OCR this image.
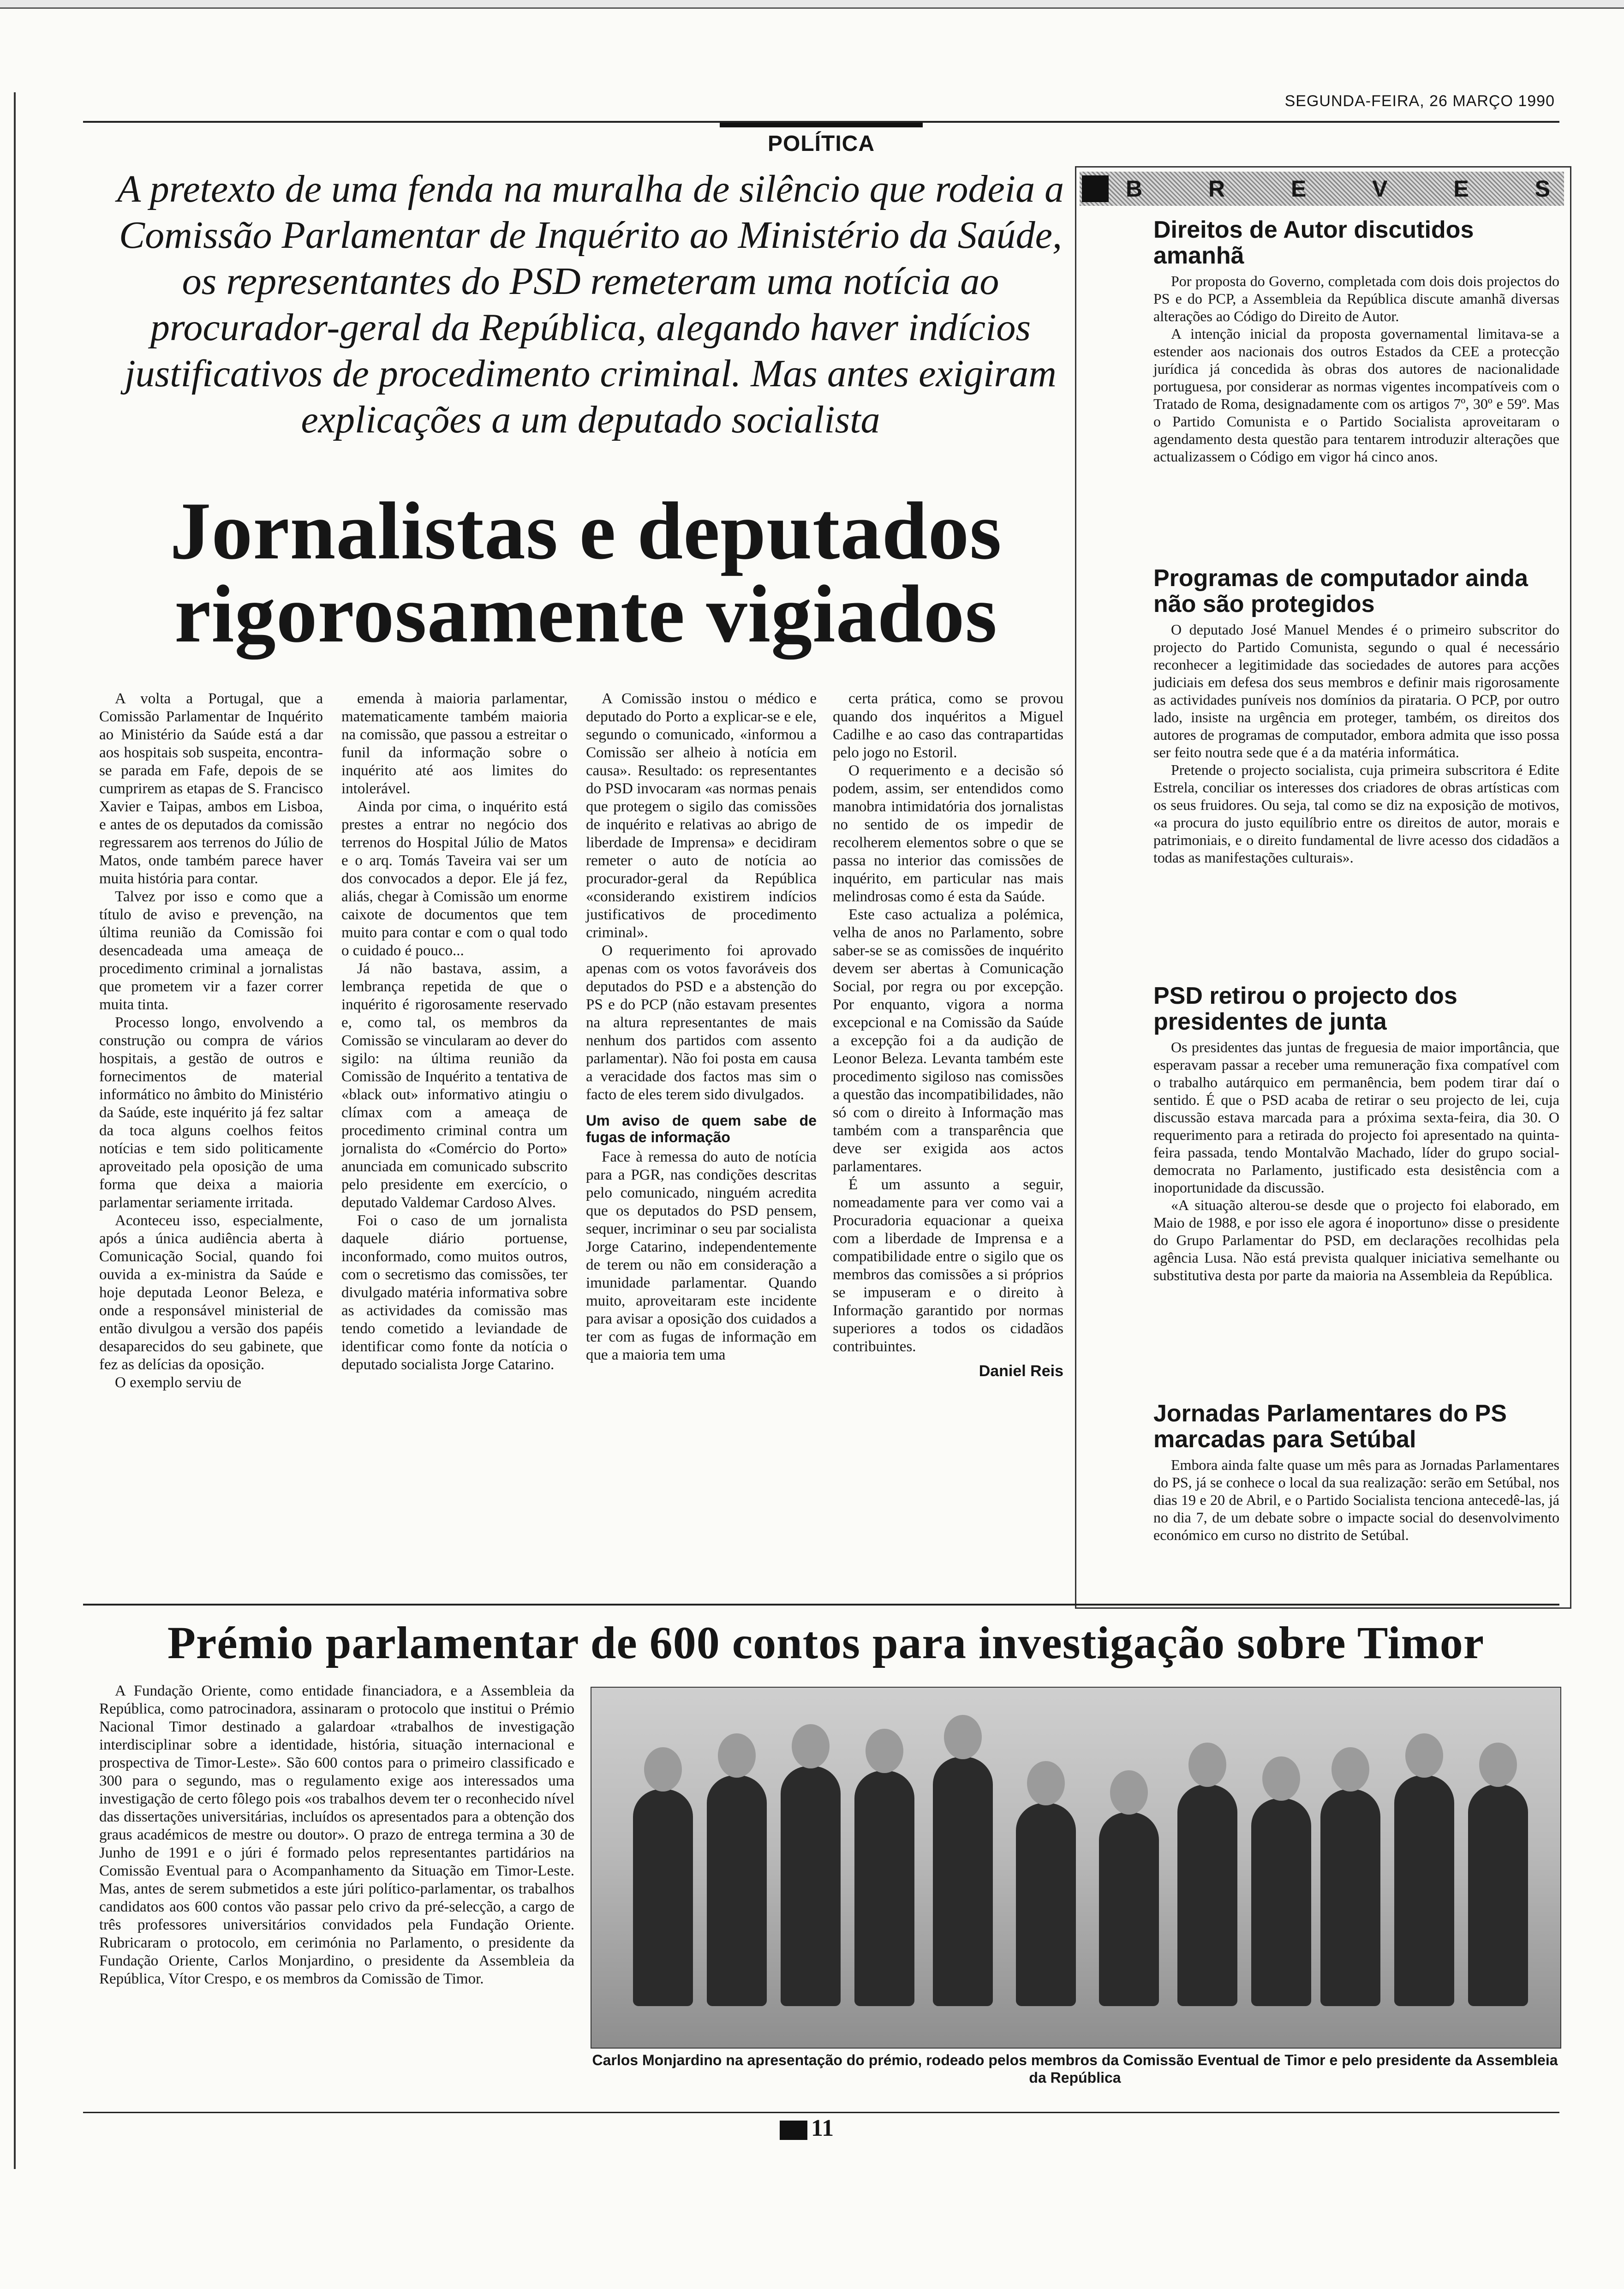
SEGUNDA-FEIRA, 26 MARÇO 1990
POLÍTICA
A pretexto de uma fenda na muralha de silêncio que rodeia a Comissão Parlamentar de Inquérito ao Ministério da Saúde, os representantes do PSD remeteram uma notícia ao procurador-geral da República, alegando haver indícios justificativos de procedimento criminal. Mas antes exigiram explicações a um deputado socialista
Jornalistas e deputados rigorosamente vigiados

A volta a Portugal, que a Comissão Parlamentar de Inquérito ao Ministério da Saúde está a dar aos hospitais sob suspeita, encontra-se parada em Fafe, depois de se cumprirem as etapas de S. Francisco Xavier e Taipas, ambos em Lisboa, e antes de os deputados da comissão regressarem aos terrenos do Júlio de Matos, onde também parece haver muita história para contar.

Talvez por isso e como que a título de aviso e prevenção, na última reunião da Comissão foi desencadeada uma ameaça de procedimento criminal a jornalistas que prometem vir a fazer correr muita tinta.

Processo longo, envolvendo a construção ou compra de vários hospitais, a gestão de outros e fornecimentos de material informático no âmbito do Ministério da Saúde, este inquérito já fez saltar da toca alguns coelhos feitos notícias e tem sido politicamente aproveitado pela oposição de uma forma que deixa a maioria parlamentar seriamente irritada.

Aconteceu isso, especialmente, após a única audiência aberta à Comunicação Social, quando foi ouvida a ex-ministra da Saúde e hoje deputada Leonor Beleza, e onde a responsável ministerial de então divulgou a versão dos papéis desaparecidos do seu gabinete, que fez as delícias da oposição.

O exemplo serviu de

emenda à maioria parlamentar, matematicamente também maioria na comissão, que passou a estreitar o funil da informação sobre o inquérito até aos limites do intolerável.

Ainda por cima, o inquérito está prestes a entrar no negócio dos terrenos do Hospital Júlio de Matos e o arq. Tomás Taveira vai ser um dos convocados a depor. Ele já fez, aliás, chegar à Comissão um enorme caixote de documentos que tem muito para contar e com o qual todo o cuidado é pouco...

Já não bastava, assim, a lembrança repetida de que o inquérito é rigorosamente reservado e, como tal, os membros da Comissão se vincularam ao dever do sigilo: na última reunião da Comissão de Inquérito a tentativa de «black out» informativo atingiu o clímax com a ameaça de procedimento criminal contra um jornalista do «Comércio do Porto» anunciada em comunicado subscrito pelo presidente em exercício, o deputado Valdemar Cardoso Alves.

Foi o caso de um jornalista daquele diário portuense, inconformado, como muitos outros, com o secretismo das comissões, ter divulgado matéria informativa sobre as actividades da comissão mas tendo cometido a leviandade de identificar como fonte da notícia o deputado socialista Jorge Catarino.

A Comissão instou o médico e deputado do Porto a explicar-se e ele, segundo o comunicado, «informou a Comissão ser alheio à notícia em causa». Resultado: os representantes do PSD invocaram «as normas penais que protegem o sigilo das comissões de inquérito e relativas ao abrigo de liberdade de Imprensa» e decidiram remeter o auto de notícia ao procurador-geral da República «considerando existirem indícios justificativos de procedimento criminal».

O requerimento foi aprovado apenas com os votos favoráveis dos deputados do PSD e a abstenção do PS e do PCP (não estavam presentes na altura representantes de mais nenhum dos partidos com assento parlamentar). Não foi posta em causa a veracidade dos factos mas sim o facto de eles terem sido divulgados.

Um aviso de quem sabe de fugas de informação

Face à remessa do auto de notícia para a PGR, nas condições descritas pelo comunicado, ninguém acredita que os deputados do PSD pensem, sequer, incriminar o seu par socialista Jorge Catarino, independentemente de terem ou não em consideração a imunidade parlamentar. Quando muito, aproveitaram este incidente para avisar a oposição dos cuidados a ter com as fugas de informação em que a maioria tem uma

certa prática, como se provou quando dos inquéritos a Miguel Cadilhe e ao caso das contrapartidas pelo jogo no Estoril.

O requerimento e a decisão só podem, assim, ser entendidos como manobra intimidatória dos jornalistas no sentido de os impedir de recolherem elementos sobre o que se passa no interior das comissões de inquérito, em particular nas mais melindrosas como é esta da Saúde.

Este caso actualiza a polémica, velha de anos no Parlamento, sobre saber-se se as comissões de inquérito devem ser abertas à Comunicação Social, por regra ou por excepção. Por enquanto, vigora a norma excepcional e na Comissão da Saúde a excepção foi a da audição de Leonor Beleza. Levanta também este procedimento sigiloso nas comissões a questão das incompatibilidades, não só com o direito à Informação mas também com a transparência que deve ser exigida aos actos parlamentares.

É um assunto a seguir, nomeadamente para ver como vai a Procuradoria equacionar a queixa com a liberdade de Imprensa e a compatibilidade entre o sigilo que os membros das comissões a si próprios se impuseram e o direito à Informação garantido por normas superiores a todos os cidadãos contribuintes.

Daniel Reis
B	R	E	V	E	S
Direitos de Autor discutidos amanhã

Por proposta do Governo, completada com dois dois projectos do PS e do PCP, a Assembleia da República discute amanhã diversas alterações ao Código do Direito de Autor.

A intenção inicial da proposta governamental limitava-se a estender aos nacionais dos outros Estados da CEE a protecção jurídica já concedida às obras dos autores de nacionalidade portuguesa, por considerar as normas vigentes incompatíveis com o Tratado de Roma, designadamente com os artigos 7º, 30º e 59º. Mas o Partido Comunista e o Partido Socialista aproveitaram o agendamento desta questão para tentarem introduzir alterações que actualizassem o Código em vigor há cinco anos.

Programas de computador ainda não são protegidos

O deputado José Manuel Mendes é o primeiro subscritor do projecto do Partido Comunista, segundo o qual é necessário reconhecer a legitimidade das sociedades de autores para acções judiciais em defesa dos seus membros e definir mais rigorosamente as actividades puníveis nos domínios da pirataria. O PCP, por outro lado, insiste na urgência em proteger, também, os direitos dos autores de programas de computador, embora admita que isso possa ser feito noutra sede que é a da matéria informática.

Pretende o projecto socialista, cuja primeira subscritora é Edite Estrela, conciliar os interesses dos criadores de obras artísticas com os seus fruidores. Ou seja, tal como se diz na exposição de motivos, «a procura do justo equilíbrio entre os direitos de autor, morais e patrimoniais, e o direito fundamental de livre acesso dos cidadãos a todas as manifestações culturais».

PSD retirou o projecto dos presidentes de junta

Os presidentes das juntas de freguesia de maior importância, que esperavam passar a receber uma remuneração fixa compatível com o trabalho autárquico em permanência, bem podem tirar daí o sentido. É que o PSD acaba de retirar o seu projecto de lei, cuja discussão estava marcada para a próxima sexta-feira, dia 30. O requerimento para a retirada do projecto foi apresentado na quinta-feira passada, tendo Montalvão Machado, líder do grupo social-democrata no Parlamento, justificado esta desistência com a inoportunidade da discussão.

«A situação alterou-se desde que o projecto foi elaborado, em Maio de 1988, e por isso ele agora é inoportuno» disse o presidente do Grupo Parlamentar do PSD, em declarações recolhidas pela agência Lusa. Não está prevista qualquer iniciativa semelhante ou substitutiva desta por parte da maioria na Assembleia da República.

Jornadas Parlamentares do PS marcadas para Setúbal

Embora ainda falte quase um mês para as Jornadas Parlamentares do PS, já se conhece o local da sua realização: serão em Setúbal, nos dias 19 e 20 de Abril, e o Partido Socialista tenciona antecedê-las, já no dia 7, de um debate sobre o impacte social do desenvolvimento económico em curso no distrito de Setúbal.

Prémio parlamentar de 600 contos para investigação sobre Timor

A Fundação Oriente, como entidade financiadora, e a Assembleia da República, como patrocinadora, assinaram o protocolo que institui o Prémio Nacional Timor destinado a galardoar «trabalhos de investigação interdisciplinar sobre a identidade, história, situação internacional e prospectiva de Timor-Leste». São 600 contos para o primeiro classificado e 300 para o segundo, mas o regulamento exige aos interessados uma investigação de certo fôlego pois «os trabalhos devem ter o reconhecido nível das dissertações universitárias, incluídos os apresentados para a obtenção dos graus académicos de mestre ou doutor». O prazo de entrega termina a 30 de Junho de 1991 e o júri é formado pelos representantes partidários na Comissão Eventual para o Acompanhamento da Situação em Timor-Leste. Mas, antes de serem submetidos a este júri político-parlamentar, os trabalhos candidatos aos 600 contos vão passar pelo crivo da pré-selecção, a cargo de três professores universitários convidados pela Fundação Oriente. Rubricaram o protocolo, em cerimónia no Parlamento, o presidente da Fundação Oriente, Carlos Monjardino, o presidente da Assembleia da República, Vítor Crespo, e os membros da Comissão de Timor.

Carlos Monjardino na apresentação do prémio, rodeado pelos membros da Comissão Eventual de Timor e pelo presidente da Assembleia da República
11
